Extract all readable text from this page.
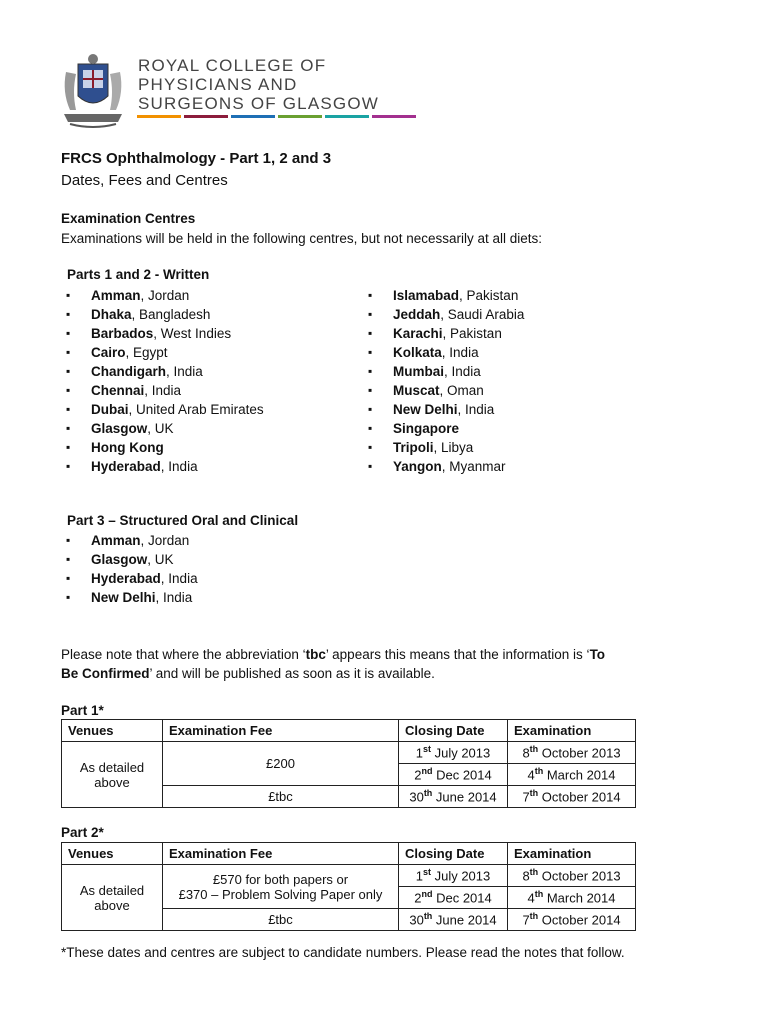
ROYAL COLLEGE OF
PHYSICIANS AND
SURGEONS OF GLASGOW
FRCS Ophthalmology - Part 1, 2 and 3
Dates, Fees and Centres
Examination Centres
Examinations will be held in the following centres, but not necessarily at all diets:
Parts 1 and 2 - Written
▪ Amman, Jordan
▪ Dhaka, Bangladesh
▪ Barbados, West Indies
▪ Cairo, Egypt
▪ Chandigarh, India
▪ Chennai, India
▪ Dubai, United Arab Emirates
▪ Glasgow, UK
▪ Hong Kong
▪ Hyderabad, India
▪ Islamabad, Pakistan
▪ Jeddah, Saudi Arabia
▪ Karachi, Pakistan
▪ Kolkata, India
▪ Mumbai, India
▪ Muscat, Oman
▪ New Delhi, India
▪ Singapore
▪ Tripoli, Libya
▪ Yangon, Myanmar
Part 3 – Structured Oral and Clinical
▪ Amman, Jordan
▪ Glasgow, UK
▪ Hyderabad, India
▪ New Delhi, India
Please note that where the abbreviation ‘tbc’ appears this means that the information is ‘To
Be Confirmed’ and will be published as soon as it is available.
Part 1*
Venues	Examination Fee	Closing Date	Examination
As detailed
above	£200	1st July 2013	8th October 2013
		2nd Dec 2014	4th March 2014
	£tbc	30th June 2014	7th October 2014
Part 2*
Venues	Examination Fee	Closing Date	Examination
As detailed
above	£570 for both papers or
£370 – Problem Solving Paper only	1st July 2013	8th October 2013
		2nd Dec 2014	4th March 2014
	£tbc	30th June 2014	7th October 2014
*These dates and centres are subject to candidate numbers. Please read the notes that follow.
